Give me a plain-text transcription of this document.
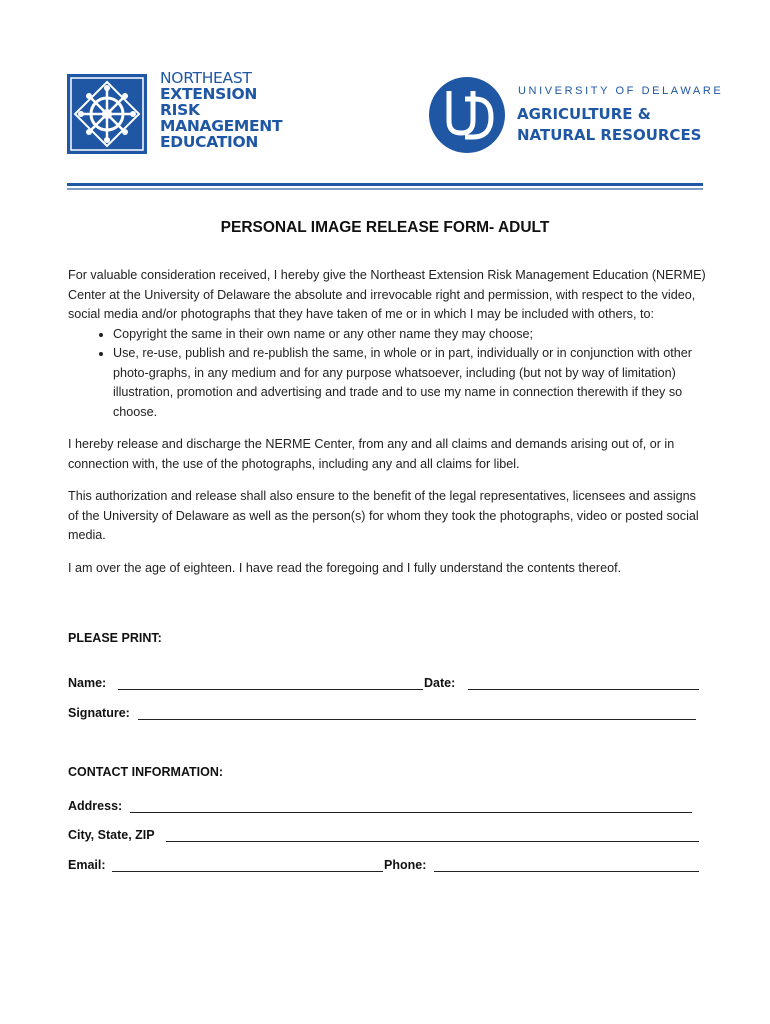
NORTHEAST
EXTENSION
RISK
MANAGEMENT
EDUCATION
UNIVERSITY OF DELAWARE
AGRICULTURE &
NATURAL RESOURCES
PERSONAL IMAGE RELEASE FORM- ADULT

For valuable consideration received, I hereby give the Northeast Extension Risk Management Education (NERME) Center at the University of Delaware the absolute and irrevocable right and permission, with respect to the video, social media and/or photographs that they have taken of me or in which I may be included with others, to:

• Copyright the same in their own name or any other name they may choose;
• Use, re-use, publish and re-publish the same, in whole or in part, individually or in conjunction with other photo-graphs, in any medium and for any purpose whatsoever, including (but not by way of limitation) illustration, promotion and advertising and trade and to use my name in connection therewith if they so choose.

I hereby release and discharge the NERME Center, from any and all claims and demands arising out of, or in connection with, the use of the photographs, including any and all claims for libel.

This authorization and release shall also ensure to the benefit of the legal representatives, licensees and assigns of the University of Delaware as well as the person(s) for whom they took the photographs, video or posted social media.

I am over the age of eighteen. I have read the foregoing and I fully understand the contents thereof.

PLEASE PRINT:
Name:	Date:
Signature:
CONTACT INFORMATION:
Address:
City, State, ZIP
Email:	Phone:
